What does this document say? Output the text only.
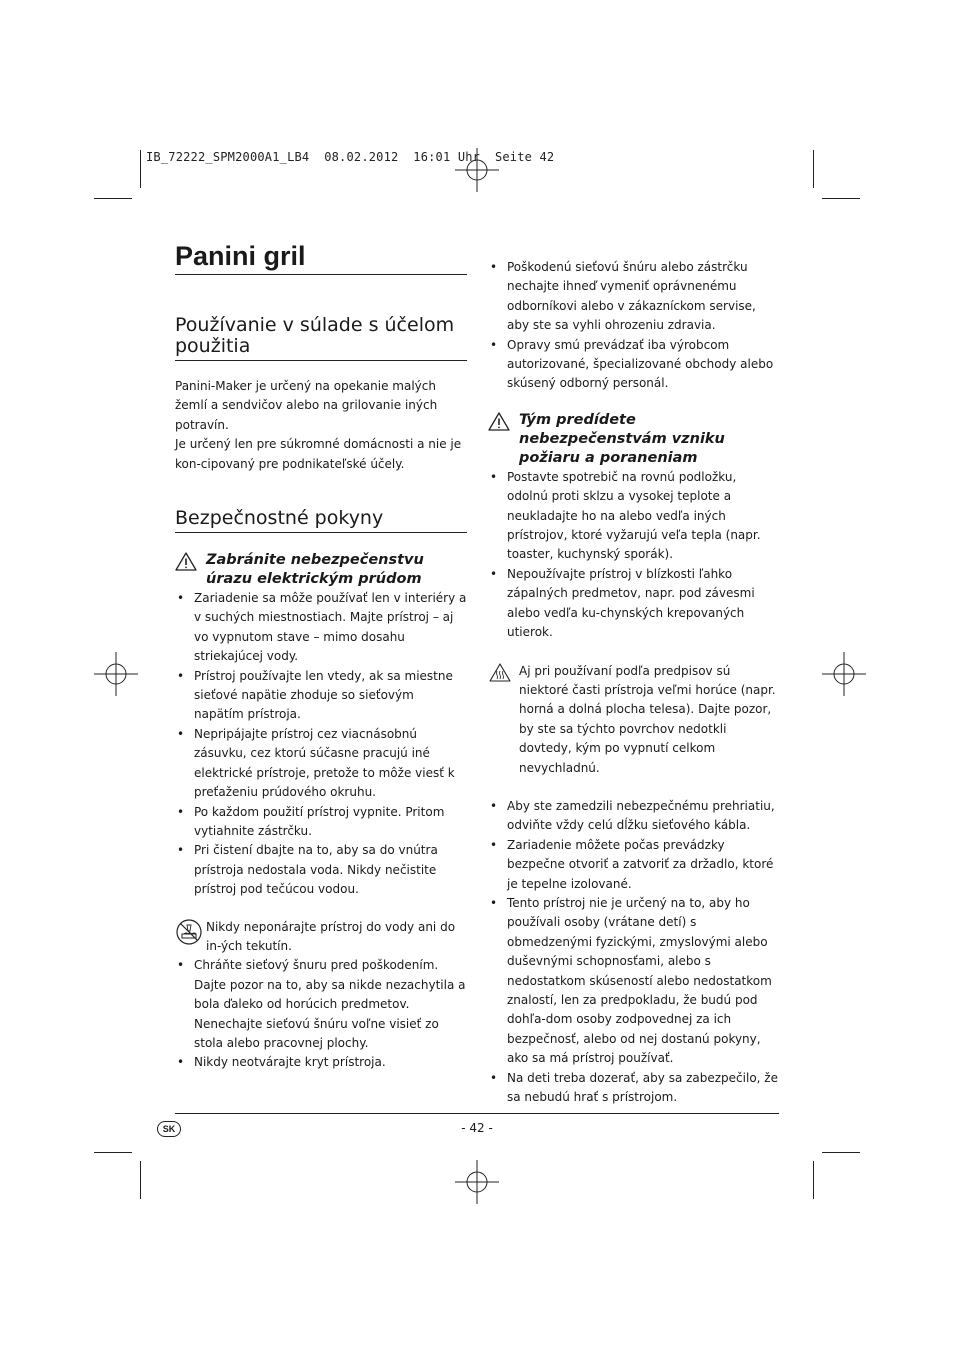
IB_72222_SPM2000A1_LB4  08.02.2012  16:01 Uhr  Seite 42
Panini gril
Používanie v súlade s účelom použitia

Panini-Maker je určený na opekanie malých žemlí a sendvičov alebo na grilovanie iných potravín.

Je určený len pre súkromné domácnosti a nie je kon-cipovaný pre podnikateľské účely.

Bezpečnostné pokyny
Zabránite nebezpečenstvu úrazu elektrickým prúdom
• Zariadenie sa môže používať len v interiéry a v suchých miestnostiach. Majte prístroj – aj vo vypnutom stave – mimo dosahu striekajúcej vody.
• Prístroj používajte len vtedy, ak sa miestne sieťové napätie zhoduje so sieťovým napätím prístroja.
• Nepripájajte prístroj cez viacnásobnú zásuvku, cez ktorú súčasne pracujú iné elektrické prístroje, pretože to môže viesť k preťaženiu prúdového okruhu.
• Po každom použití prístroj vypnite. Pritom vytiahnite zástrčku.
• Pri čistení dbajte na to, aby sa do vnútra prístroja nedostala voda. Nikdy nečistite prístroj pod tečúcou vodou.

Nikdy neponárajte prístroj do vody ani do in-ých tekutín.

• Chráňte sieťový šnuru pred poškodením. Dajte pozor na to, aby sa nikde nezachytila a bola ďaleko od horúcich predmetov. Nenechajte sieťovú šnúru voľne visieť zo stola alebo pracovnej plochy.
• Nikdy neotvárajte kryt prístroja.
• Poškodenú sieťovú šnúru alebo zástrčku nechajte ihneď vymeniť oprávnenému odborníkovi alebo v zákazníckom servise, aby ste sa vyhli ohrozeniu zdravia.
• Opravy smú prevádzať iba výrobcom autorizované, špecializované obchody alebo skúsený odborný personál.
Tým predídete nebezpečenstvám vzniku požiaru a poraneniam
• Postavte spotrebič na rovnú podložku, odolnú proti sklzu a vysokej teplote a neukladajte ho na alebo vedľa iných prístrojov, ktoré vyžarujú veľa tepla (napr. toaster, kuchynský sporák).
• Nepoužívajte prístroj v blízkosti ľahko zápalných predmetov, napr. pod závesmi alebo vedľa ku-chynských krepovaných utierok.

Aj pri používaní podľa predpisov sú niektoré časti prístroja veľmi horúce (napr. horná a dolná plocha telesa). Dajte pozor, by ste sa týchto povrchov nedotkli dovtedy, kým po vypnutí celkom nevychladnú.

• Aby ste zamedzili nebezpečnému prehriatiu, odviňte vždy celú dĺžku sieťového kábla.
• Zariadenie môžete počas prevádzky bezpečne otvoriť a zatvoriť za držadlo, ktoré je tepelne izolované.
• Tento prístroj nie je určený na to, aby ho používali osoby (vrátane detí) s obmedzenými fyzickými, zmyslovými alebo duševnými schopnosťami, alebo s nedostatkom skúseností alebo nedostatkom znalostí, len za predpokladu, že budú pod dohľa-dom osoby zodpovednej za ich bezpečnosť, alebo od nej dostanú pokyny, ako sa má prístroj používať.
• Na deti treba dozerať, aby sa zabezpečilo, že sa nebudú hrať s prístrojom.
SK	- 42 -
